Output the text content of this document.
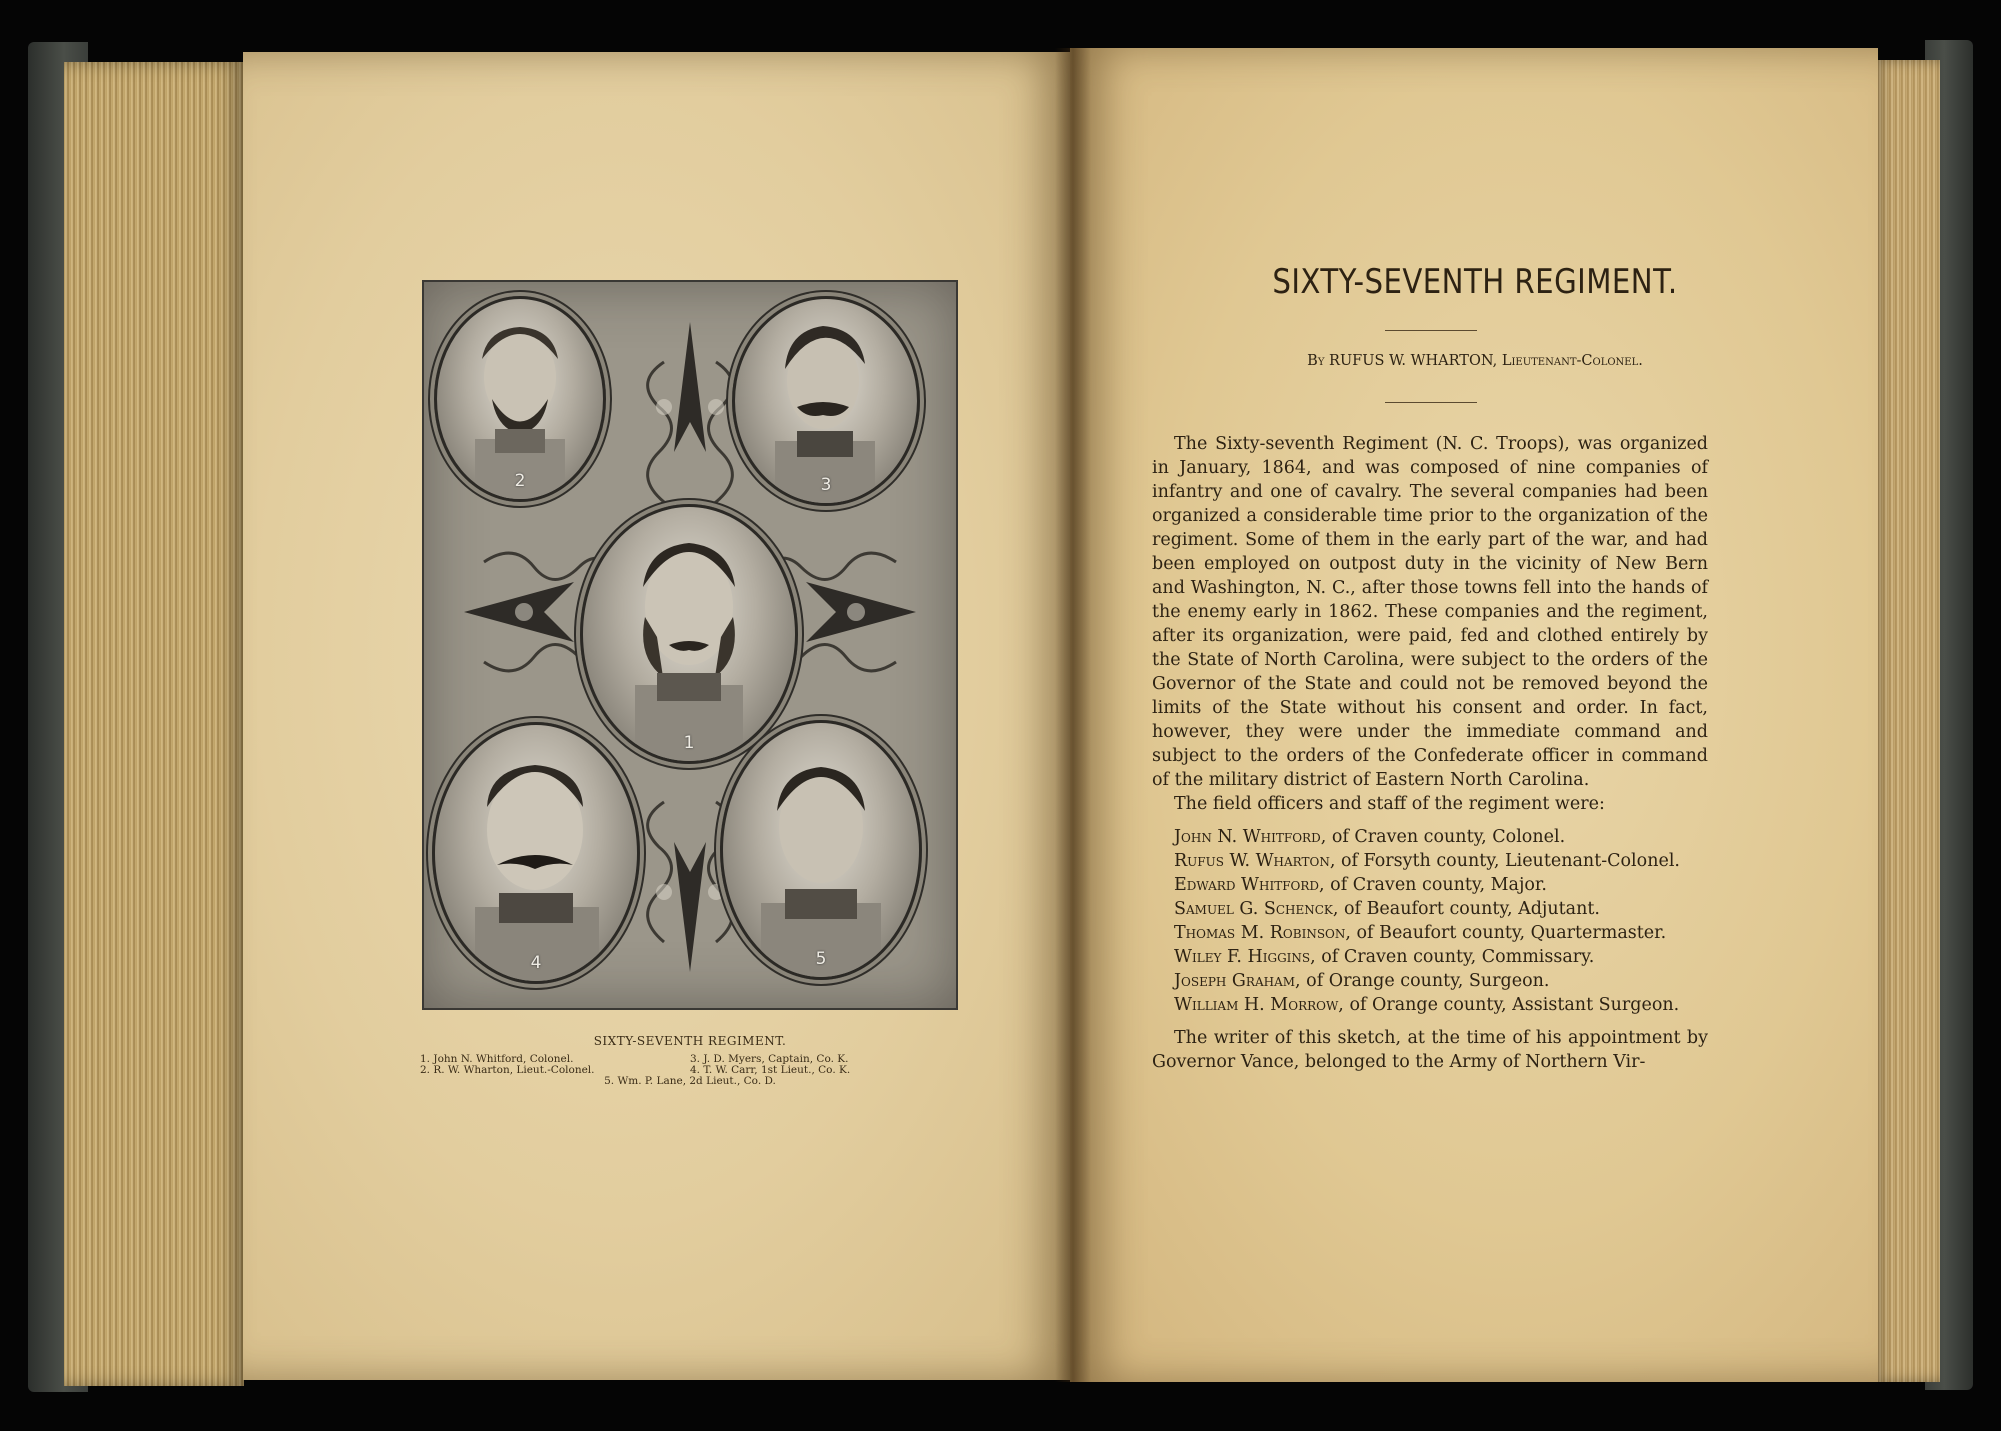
2	3
1
4	5
SIXTY-SEVENTH REGIMENT.
1. John N. Whitford, Colonel.	3. J. D. Myers, Captain, Co. K.
2. R. W. Wharton, Lieut.-Colonel.	4. T. W. Carr, 1st Lieut., Co. K.
5. Wm. P. Lane, 2d Lieut., Co. D.
SIXTY-SEVENTH REGIMENT.
By RUFUS W. WHARTON, Lieutenant-Colonel.

The Sixty-seventh Regiment (N. C. Troops), was organized in January, 1864, and was composed of nine companies of infantry and one of cavalry. The several companies had been organized a considerable time prior to the organization of the regiment. Some of them in the early part of the war, and had been employed on outpost duty in the vicinity of New Bern and Washington, N. C., after those towns fell into the hands of the enemy early in 1862. These companies and the regiment, after its organization, were paid, fed and clothed entirely by the State of North Carolina, were subject to the orders of the Governor of the State and could not be removed beyond the limits of the State without his consent and order. In fact, however, they were under the immediate command and subject to the orders of the Confederate officer in command of the military district of Eastern North Carolina.

The field officers and staff of the regiment were:

John N. Whitford, of Craven county, Colonel.

Rufus W. Wharton, of Forsyth county, Lieutenant-Colonel.

Edward Whitford, of Craven county, Major.

Samuel G. Schenck, of Beaufort county, Adjutant.

Thomas M. Robinson, of Beaufort county, Quartermaster.

Wiley F. Higgins, of Craven county, Commissary.

Joseph Graham, of Orange county, Surgeon.

William H. Morrow, of Orange county, Assistant Surgeon.

The writer of this sketch, at the time of his appointment by Governor Vance, belonged to the Army of Northern Vir-
